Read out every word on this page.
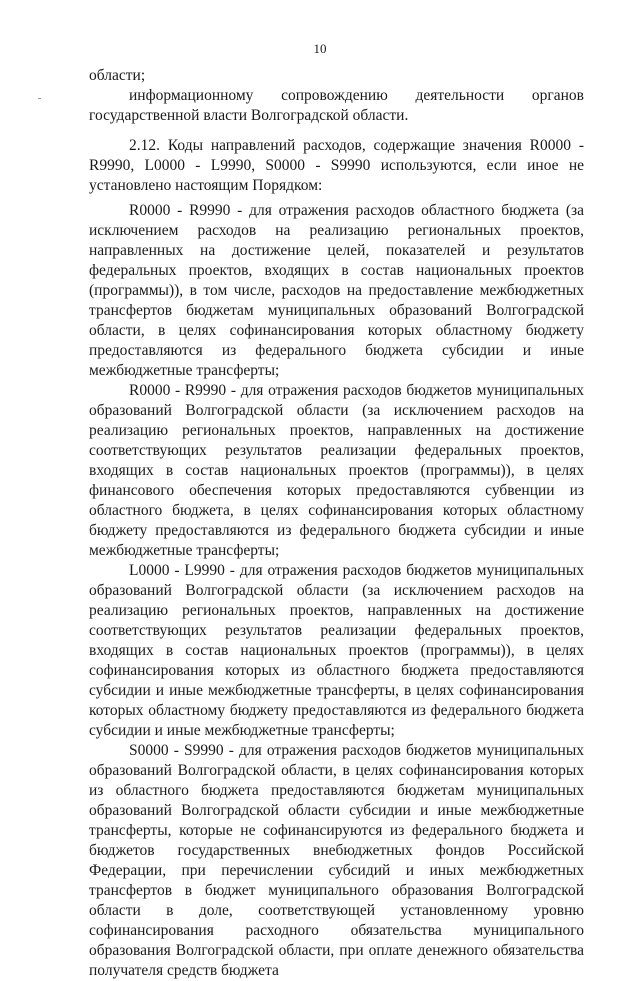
10

области;

информационному сопровождению деятельности органов государственной власти Волгоградской области.

2.12. Коды направлений расходов, содержащие значения R0000 - R9990, L0000 - L9990, S0000 - S9990 используются, если иное не установлено настоящим Порядком:

R0000 - R9990 - для отражения расходов областного бюджета (за исключением расходов на реализацию региональных проектов, направленных на достижение целей, показателей и результатов федеральных проектов, входящих в состав национальных проектов (программы)), в том числе, расходов на предоставление межбюджетных трансфертов бюджетам муниципальных образований Волгоградской области, в целях софинансирования которых областному бюджету предоставляются из федерального бюджета субсидии и иные межбюджетные трансферты;

R0000 - R9990 - для отражения расходов бюджетов муниципальных образований Волгоградской области (за исключением расходов на реализацию региональных проектов, направленных на достижение соответствующих результатов реализации федеральных проектов, входящих в состав национальных проектов (программы)), в целях финансового обеспечения которых предоставляются субвенции из областного бюджета, в целях софинансирования которых областному бюджету предоставляются из федерального бюджета субсидии и иные межбюджетные трансферты;

L0000 - L9990 - для отражения расходов бюджетов муниципальных образований Волгоградской области (за исключением расходов на реализацию региональных проектов, направленных на достижение соответствующих результатов реализации федеральных проектов, входящих в состав национальных проектов (программы)), в целях софинансирования которых из областного бюджета предоставляются субсидии и иные межбюджетные трансферты, в целях софинансирования которых областному бюджету предоставляются из федерального бюджета субсидии и иные межбюджетные трансферты;

S0000 - S9990 - для отражения расходов бюджетов муниципальных образований Волгоградской области, в целях софинансирования которых из областного бюджета предоставляются бюджетам муниципальных образований Волгоградской области субсидии и иные межбюджетные трансферты, которые не софинансируются из федерального бюджета и бюджетов государственных внебюджетных фондов Российской Федерации, при перечислении субсидий и иных межбюджетных трансфертов в бюджет муниципального образования Волгоградской области в доле, соответствующей установленному уровню софинансирования расходного обязательства муниципального образования Волгоградской области, при оплате денежного обязательства получателя средств бюджета
